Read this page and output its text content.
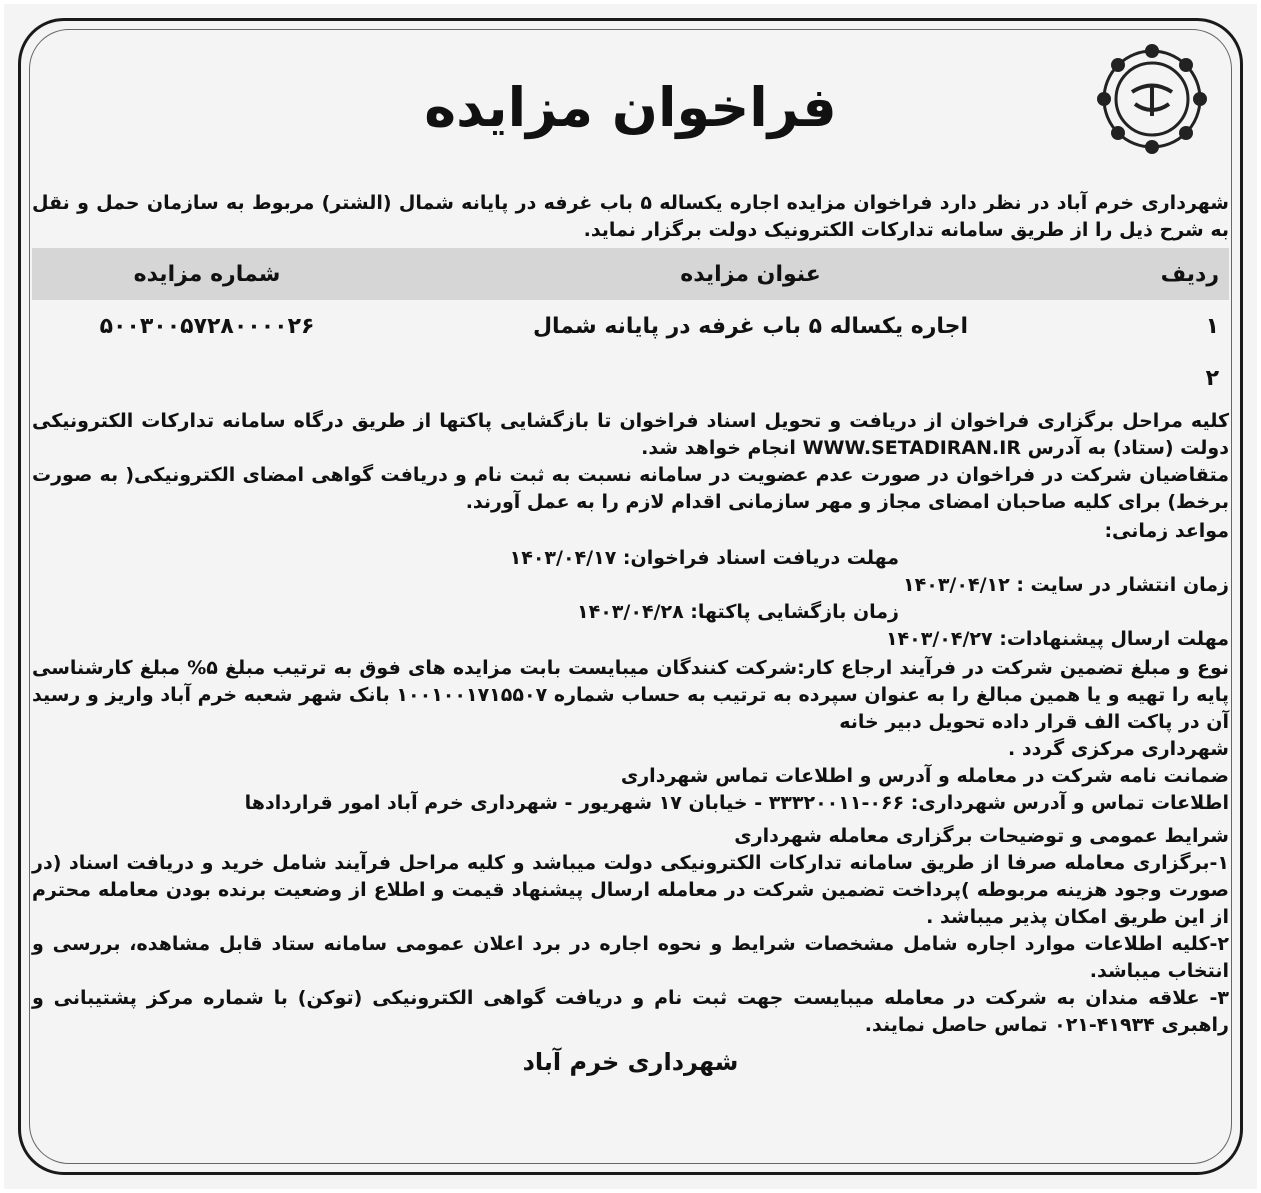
فراخوان مزایده

شهرداری خرم آباد در نظر دارد فراخوان مزایده اجاره یکساله ۵ باب غرفه در پایانه شمال (الشتر) مربوط به سازمان حمل و نقل به شرح ذیل را از طریق سامانه تدارکات الکترونیک دولت برگزار نماید.

ردیف	عنوان مزایده	شماره مزایده
۱	اجاره یکساله ۵ باب غرفه در پایانه شمال	۵۰۰۳۰۰۵۷۲۸۰۰۰۰۲۶
۲		

کلیه مراحل برگزاری فراخوان از دریافت و تحویل اسناد فراخوان تا بازگشایی پاکتها از طریق درگاه سامانه تدارکات الکترونیکی دولت (ستاد) به آدرس WWW.SETADIRAN.IR انجام خواهد شد.

متقاضیان شرکت در فراخوان در صورت عدم عضویت در سامانه نسبت به ثبت نام و دریافت گواهی امضای الکترونیکی( به صورت برخط) برای کلیه صاحبان امضای مجاز و مهر سازمانی اقدام لازم را به عمل آورند.

مواعد زمانی:
مهلت دریافت اسناد فراخوان: ۱۴۰۳/۰۴/۱۷
زمان انتشار در سایت : ۱۴۰۳/۰۴/۱۲
زمان بازگشایی پاکتها: ۱۴۰۳/۰۴/۲۸
مهلت ارسال پیشنهادات: ۱۴۰۳/۰۴/۲۷

نوع و مبلغ تضمین شرکت در فرآیند ارجاع کار:شرکت کنندگان میبایست بابت مزایده های فوق به ترتیب مبلغ ۵% مبلغ کارشناسی پایه را تهیه و یا همین مبالغ را به عنوان سپرده به ترتیب به حساب شماره ۱۰۰۱۰۰۱۷۱۵۵۰۷ بانک شهر شعبه خرم آباد واریز و رسید آن در پاکت الف قرار داده تحویل دبیر خانه

شهرداری مرکزی گردد .

ضمانت نامه شرکت در معامله و آدرس و اطلاعات تماس شهرداری

اطلاعات تماس و آدرس شهرداری: ۰۶۶-۳۳۳۲۰۰۱۱ - خیابان ۱۷ شهریور - شهرداری خرم آباد امور قراردادها

شرایط عمومی و توضیحات برگزاری معامله شهرداری

۱-برگزاری معامله صرفا از طریق سامانه تدارکات الکترونیکی دولت میباشد و کلیه مراحل فرآیند شامل خرید و دریافت اسناد (در صورت وجود هزینه مربوطه )پرداخت تضمین شرکت در معامله ارسال پیشنهاد قیمت و اطلاع از وضعیت برنده بودن معامله محترم از این طریق امکان پذیر میباشد .

۲-کلیه اطلاعات موارد اجاره شامل مشخصات شرایط و نحوه اجاره در برد اعلان عمومی سامانه ستاد قابل مشاهده، بررسی و انتخاب میباشد.

۳- علاقه مندان به شرکت در معامله میبایست جهت ثبت نام و دریافت گواهی الکترونیکی (توکن) با شماره مرکز پشتیبانی و راهبری ۴۱۹۳۴-۰۲۱ تماس حاصل نمایند.

شهرداری خرم آباد
